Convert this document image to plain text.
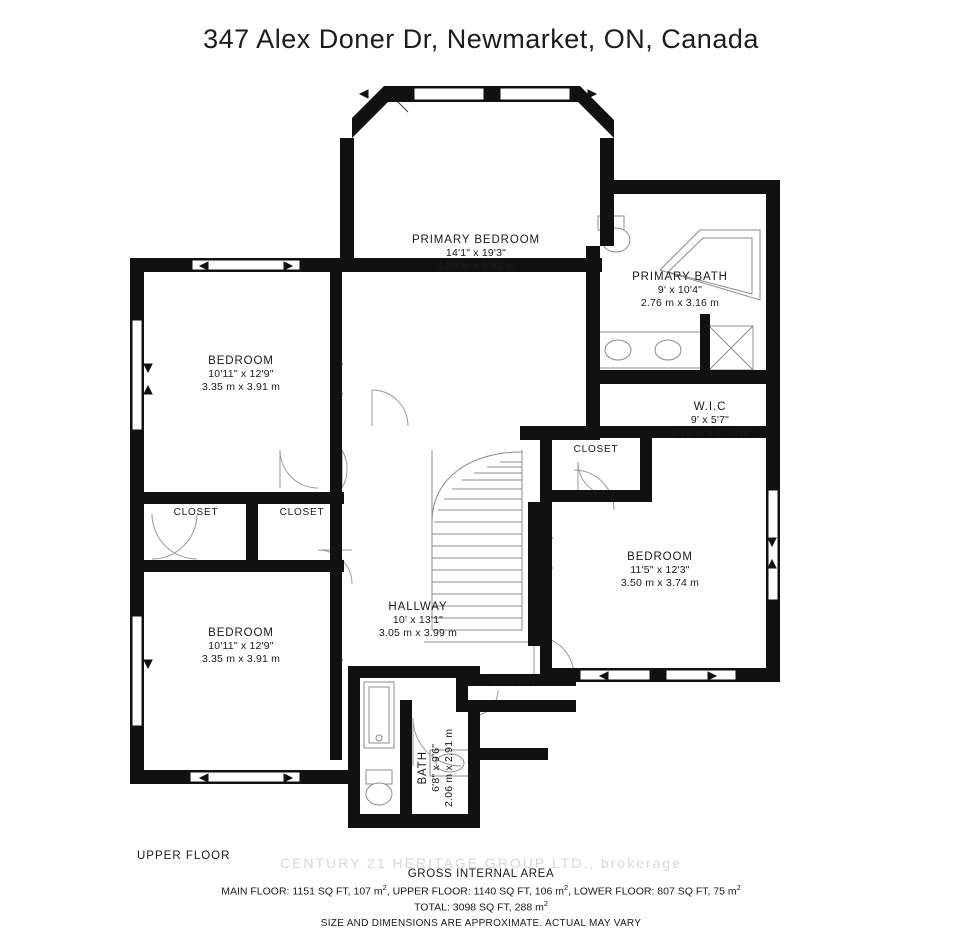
347 Alex Doner Dr, Newmarket, ON, Canada
PRIMARY BEDROOM
14'1" x 19'3"
4.28 m x 5.82 m
PRIMARY BATH
9' x 10'4"
2.76 m x 3.16 m
W.I.C
9' x 5'7"
2.76 m x 1.70 m
BEDROOM
10'11" x 12'9"
3.35 m x 3.91 m
BEDROOM
10'11" x 12'9"
3.35 m x 3.91 m
BEDROOM
11'5" x 12'3"
3.50 m x 3.74 m
HALLWAY
10' x 13'1"
3.05 m x 3.99 m
BATH 6'8" x 9'6" 2.06 m x 2.91 m
CLOSET	CLOSET
CLOSET
CLOSET
UPPER FLOOR	CENTURY 21 HERITAGE GROUP LTD., brokerage
GROSS INTERNAL AREA
MAIN FLOOR: 1151 SQ FT, 107 $m^2$, UPPER FLOOR: 1140 SQ FT, 106 $m^2$, LOWER FLOOR: 807 SQ FT, 75 $m^2$
TOTAL: 3098 SQ FT, 288 $m^2$
SIZE AND DIMENSIONS ARE APPROXIMATE. ACTUAL MAY VARY
